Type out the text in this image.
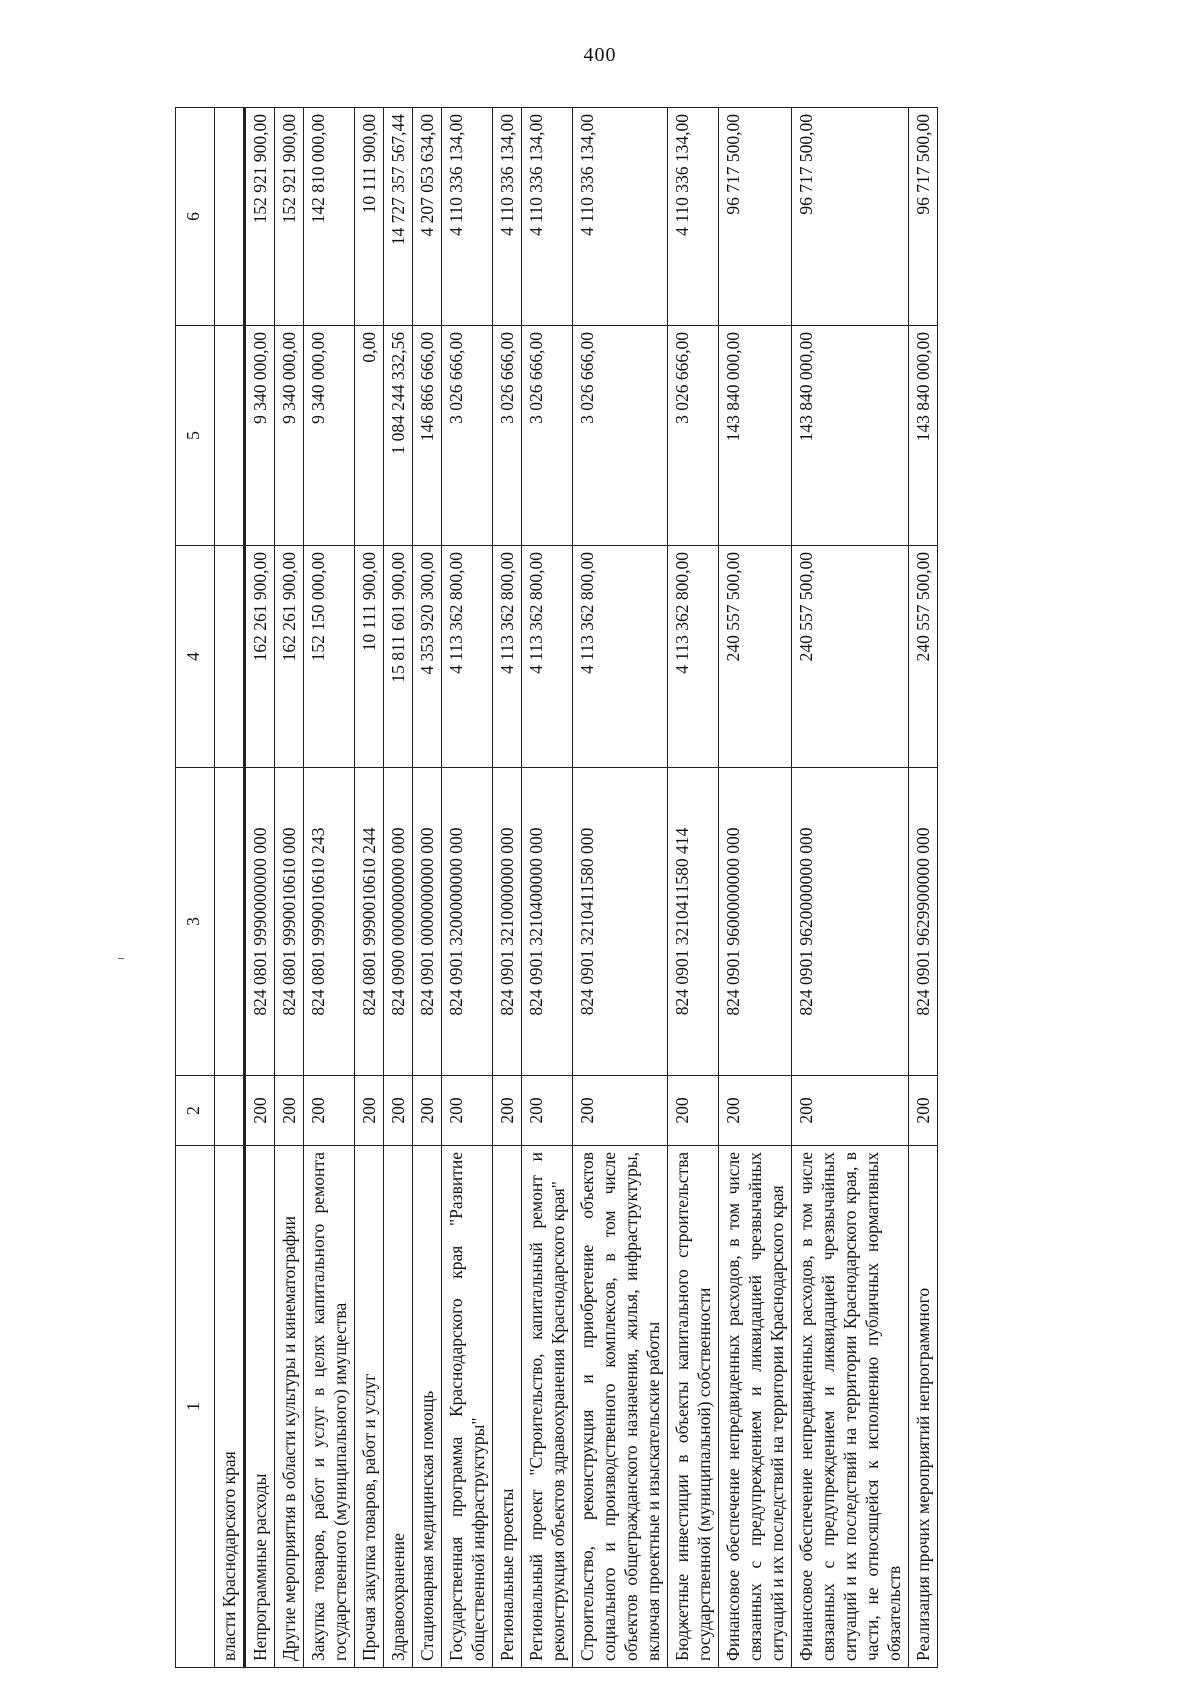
400
1	2	3	4	5	6
власти Краснодарского края					
Непрограммные расходы	200	824 0801 9990000000 000	162 261 900,00	9 340 000,00	152 921 900,00
Другие мероприятия в области культуры и кинематографии	200	824 0801 9990010610 000	162 261 900,00	9 340 000,00	152 921 900,00
Закупка товаров, работ и услуг в целях капитального ремонта государственного (муниципального) имущества	200	824 0801 9990010610 243	152 150 000,00	9 340 000,00	142 810 000,00
Прочая закупка товаров, работ и услуг	200	824 0801 9990010610 244	10 111 900,00	0,00	10 111 900,00
Здравоохранение	200	824 0900 0000000000 000	15 811 601 900,00	1 084 244 332,56	14 727 357 567,44
Стационарная медицинская помощь	200	824 0901 0000000000 000	4 353 920 300,00	146 866 666,00	4 207 053 634,00
Государственная программа Краснодарского края "Развитие общественной инфраструктуры"	200	824 0901 3200000000 000	4 113 362 800,00	3 026 666,00	4 110 336 134,00
Региональные проекты	200	824 0901 3210000000 000	4 113 362 800,00	3 026 666,00	4 110 336 134,00
Региональный проект "Строительство, капитальный ремонт и реконструкция объектов здравоохранения Краснодарского края"	200	824 0901 3210400000 000	4 113 362 800,00	3 026 666,00	4 110 336 134,00
Строительство, реконструкция и приобретение объектов социального и производственного комплексов, в том числе объектов общегражданского назначения, жилья, инфраструктуры, включая проектные и изыскательские работы	200	824 0901 3210411580 000	4 113 362 800,00	3 026 666,00	4 110 336 134,00
Бюджетные инвестиции в объекты капитального строительства государственной (муниципальной) собственности	200	824 0901 3210411580 414	4 113 362 800,00	3 026 666,00	4 110 336 134,00
Финансовое обеспечение непредвиденных расходов, в том числе связанных с предупреждением и ликвидацией чрезвычайных ситуаций и их последствий на территории Краснодарского края	200	824 0901 9600000000 000	240 557 500,00	143 840 000,00	96 717 500,00
Финансовое обеспечение непредвиденных расходов, в том числе связанных с предупреждением и ликвидацией чрезвычайных ситуаций и их последствий на территории Краснодарского края, в части, не относящейся к исполнению публичных нормативных обязательств	200	824 0901 9620000000 000	240 557 500,00	143 840 000,00	96 717 500,00
Реализация прочих мероприятий непрограммного	200	824 0901 9629900000 000	240 557 500,00	143 840 000,00	96 717 500,00
